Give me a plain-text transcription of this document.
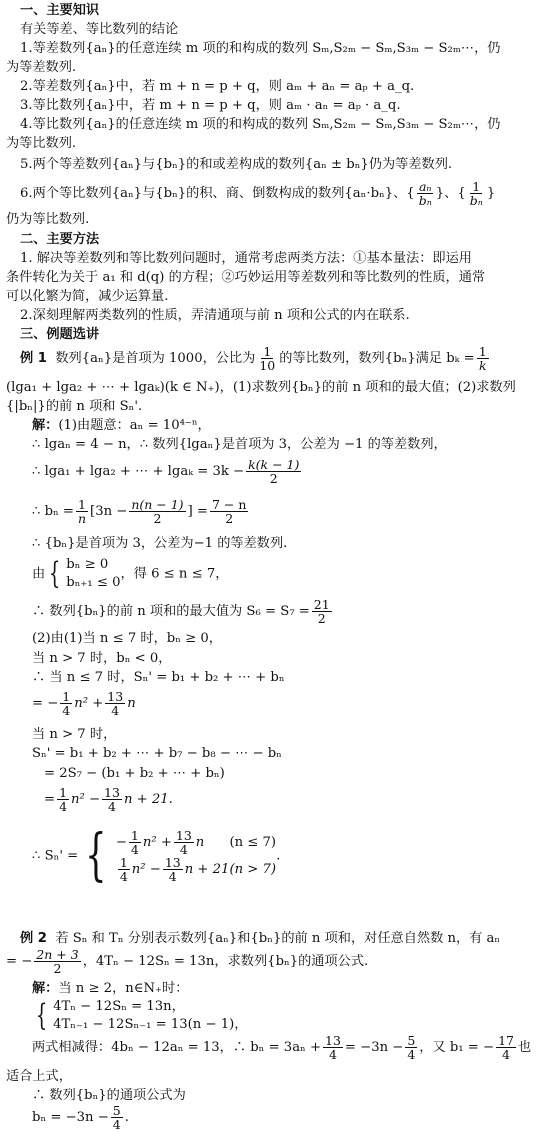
一、主要知识
有关等差、等比数列的结论
1.等差数列{aₙ}的任意连续 m 项的和构成的数列 Sₘ,S₂ₘ − Sₘ,S₃ₘ − S₂ₘ⋯，仍
为等差数列.
2.等差数列{aₙ}中，若 m + n = p + q，则 aₘ + aₙ = aₚ + a_q.
3.等比数列{aₙ}中，若 m + n = p + q，则 aₘ · aₙ = aₚ · a_q.
4.等比数列{aₙ}的任意连续 m 项的和构成的数列 Sₘ,S₂ₘ − Sₘ,S₃ₘ − S₂ₘ⋯，仍
为等比数列.
5.两个等差数列{aₙ}与{bₙ}的和或差构成的数列{aₙ ± bₙ}仍为等差数列.
6.两个等比数列{aₙ}与{bₙ}的积、商、倒数构成的数列{aₙ·bₙ}、{ $\frac{\text{aₙ}}{\text{bₙ}}$ }、{ $\frac{1}{\text{bₙ}}$ }
仍为等比数列.
二、主要方法
1. 解决等差数列和等比数列问题时，通常考虑两类方法：①基本量法：即运用
条件转化为关于 a₁ 和 d(q) 的方程；②巧妙运用等差数列和等比数列的性质，通常
可以化繁为简，减少运算量.
2.深刻理解两类数列的性质，弄清通项与前 n 项和公式的内在联系.
三、例题选讲
例 1 数列{aₙ}是首项为 1000，公比为 $\frac{1}{10}$ 的等比数列，数列{bₙ}满足 $b_k = \frac{1}{k}$
(lga₁ + lga₂ + ⋯ + lgaₖ)(k ∈ N₊)，(1)求数列{bₙ}的前 n 项和的最大值；(2)求数列
{|bₙ|}的前 n 项和 Sₙ'.
解：(1)由题意：aₙ = 10⁴⁻ⁿ，
∴ lgaₙ = 4 − n，∴ 数列{lgaₙ}是首项为 3，公差为 −1 的等差数列，
∴ lga₁ + lga₂ + ⋯ + $\lg a_k = 3k - \frac{k(k - 1)}{2}$
∴ $b_n = \frac{1}{n} [3n - \frac{n(n - 1)}{2}$ ] = $\frac{7 - n}{2}$
∴ {bₙ}是首项为 3，公差为−1 的等差数列.
由 { bₙ ≥ 0
bₙ₊₁ ≤ 0
，得 6 ≤ n ≤ 7，
∴ 数列{bₙ}的前 n 项和的最大值为 $S_6 = S_7 = \frac{21}{2}$
(2)由(1)当 n ≤ 7 时，bₙ ≥ 0，
当 n > 7 时，bₙ < 0，
∴ 当 n ≤ 7 时，Sₙ' = b₁ + b₂ + ⋯ + bₙ
= − $\frac{1}{4} n^2 + \frac{13}{4}$ n
当 n > 7 时，
Sₙ' = b₁ + b₂ + ⋯ + b₇ − b₈ − ⋯ − bₙ
= 2S₇ − (b₁ + b₂ + ⋯ + bₙ)
= $\frac{1}{4} n^2 - \frac{13}{4}$ n + 21.
∴ Sₙ' = { − $\frac{1}{4} n^2 + \frac{13}{4}$ n (n ≤ 7)
$\frac{1}{4} n^2 - \frac{13}{4}$ n + 21(n > 7)
.
例 2 若 Sₙ 和 Tₙ 分别表示数列{aₙ}和{bₙ}的前 n 项和，对任意自然数 n，有 aₙ
= − $\frac{2n + 3}{2}$ ，4Tₙ − 12Sₙ = 13n，求数列{bₙ}的通项公式.
解：当 n ≥ 2，n∈N₊时：
{ 4Tₙ − 12Sₙ = 13n，
4Tₙ₋₁ − 12Sₙ₋₁ = 13(n − 1)，
两式相减得：4bₙ − 12aₙ = 13，∴ $b_n = 3a_n + \frac{13}{4} = -3n - \frac{5}{4}$ ，又 b₁ = − $\frac{17}{4}$ 也
适合上式，
∴ 数列{bₙ}的通项公式为
$b_n = -3n - \frac{5}{4}$ .
